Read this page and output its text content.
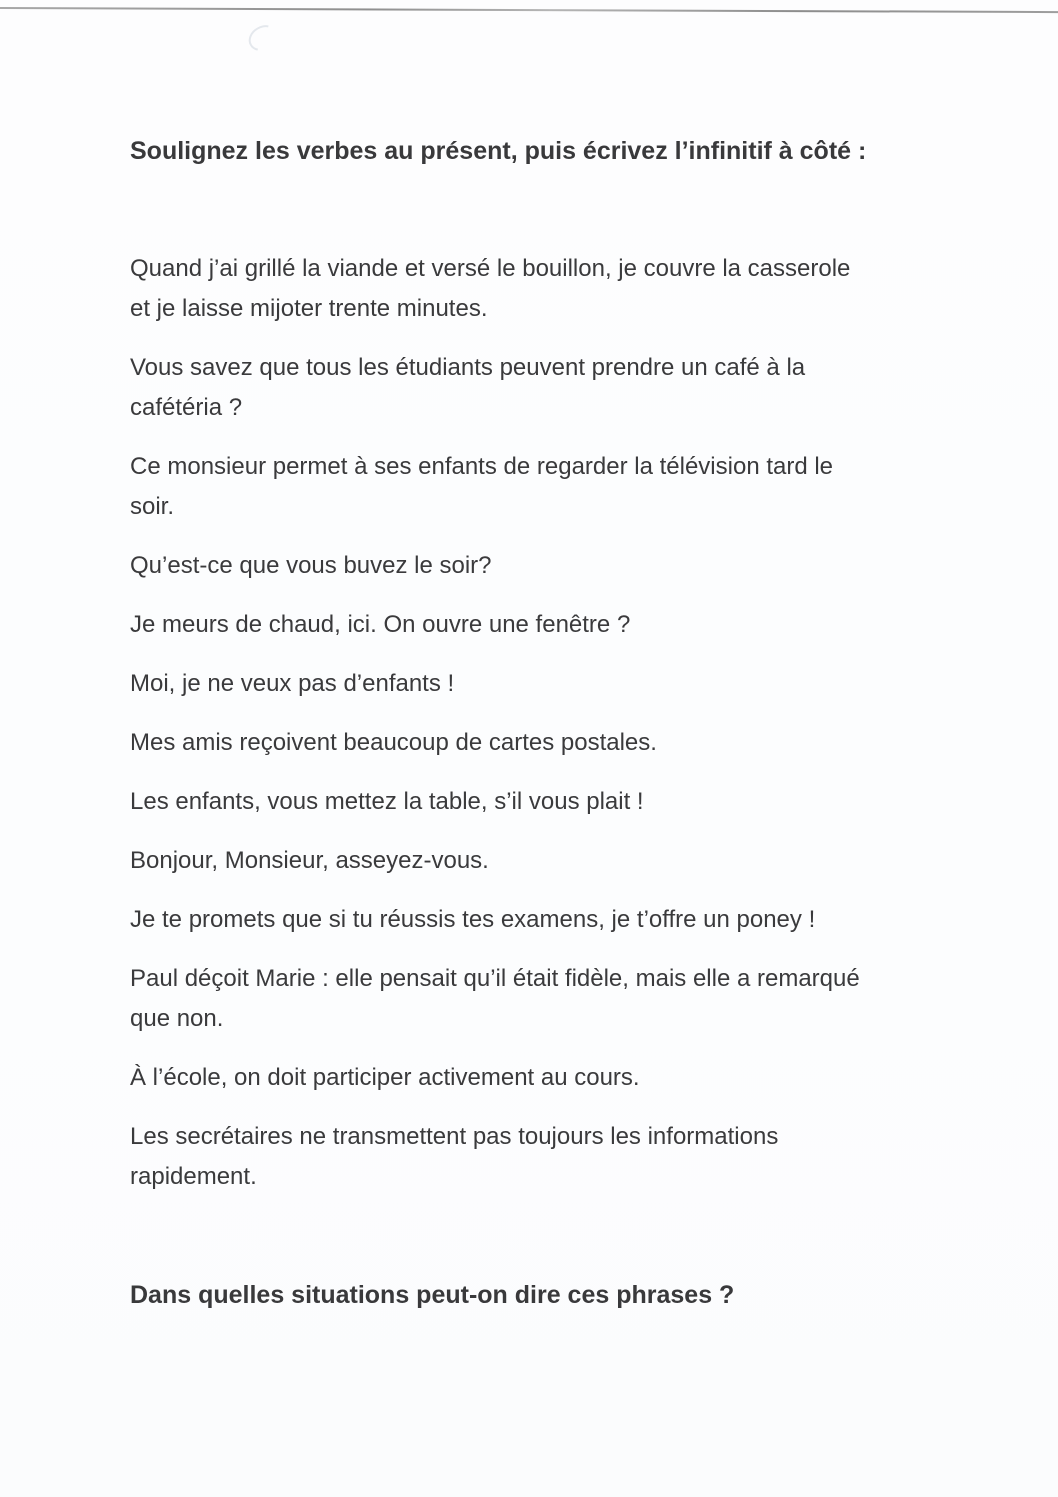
Soulignez les verbes au présent, puis écrivez l’infinitif à côté :

Quand j’ai grillé la viande et versé le bouillon, je couvre la casserole
et je laisse mijoter trente minutes.

Vous savez que tous les étudiants peuvent prendre un café à la
cafétéria ?

Ce monsieur permet à ses enfants de regarder la télévision tard le
soir.

Qu’est-ce que vous buvez le soir?

Je meurs de chaud, ici. On ouvre une fenêtre ?

Moi, je ne veux pas d’enfants !

Mes amis reçoivent beaucoup de cartes postales.

Les enfants, vous mettez la table, s’il vous plait !

Bonjour, Monsieur, asseyez-vous.

Je te promets que si tu réussis tes examens, je t’offre un poney !

Paul déçoit Marie : elle pensait qu’il était fidèle, mais elle a remarqué
que non.

À l’école, on doit participer activement au cours.

Les secrétaires ne transmettent pas toujours les informations
rapidement.

Dans quelles situations peut-on dire ces phrases ?
